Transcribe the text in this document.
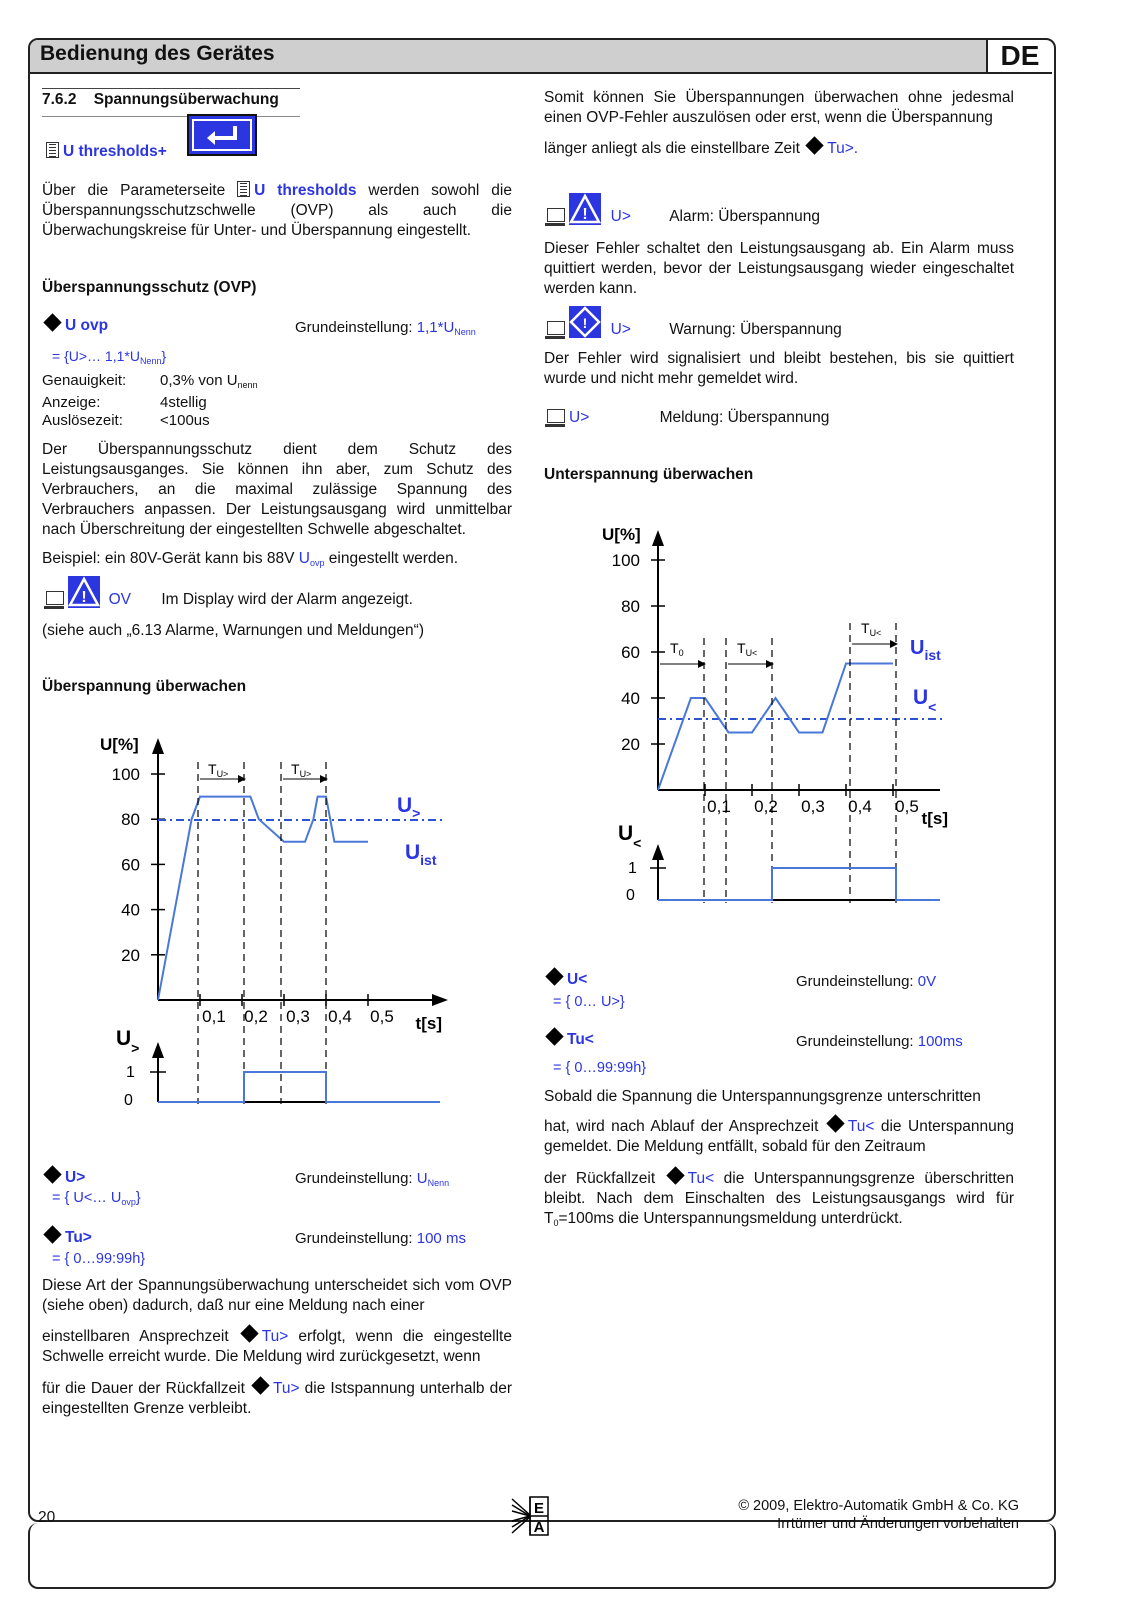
Bedienung des Gerätes	DE
7.6.2 Spannungsüberwachung
U thresholds+

Über die Parameterseite U thresholds werden sowohl die Überspannungsschutzschwelle (OVP) als auch die Überwachungskreise für Unter- und Überspannung eingestellt.

Überspannungsschutz (OVP)
U ovp	Grundeinstellung: $1,1*U_{Nenn}$
= {U>… $1,1*U_{Nenn}$}
Genauigkeit: 0,3% von $U_{nenn}$
Anzeige:	4stellig
Auslösezeit: <100us

Der Überspannungsschutz dient dem Schutz des Leistungsausganges. Sie können ihn aber, zum Schutz des Verbrauchers, an die maximal zulässige Spannung des Verbrauchers anpassen. Der Leistungsausgang wird unmittelbar nach Überschreitung der eingestellten Schwelle abgeschaltet.

Beispiel: ein 80V-Gerät kann bis 88V $U_{ovp}$ eingestellt werden.

! OV Im Display wird der Alarm angezeigt.
(siehe auch „6.13 Alarme, Warnungen und Meldungen“)
Überspannung überwachen
U[%]
100
80
60
40
20
0,1 0,2 0,3 0,4 0,5
$U_>$
$U_{ist}$
$T_{U>}$	$T_{U>}$
t[s]
$U_>$
1
0
U>	Grundeinstellung: $U_{Nenn}$
= { U<… $U_{ovp}$}
Tu>	Grundeinstellung: 100 ms
= { 0…99:99h}

Diese Art der Spannungsüberwachung unterscheidet sich vom OVP (siehe oben) dadurch, daß nur eine Meldung nach einer

einstellbaren Ansprechzeit Tu> erfolgt, wenn die eingestellte Schwelle erreicht wurde. Die Meldung wird zurückgesetzt, wenn

für die Dauer der Rückfallzeit Tu> die Istspannung unterhalb der eingestellten Grenze verbleibt.

Somit können Sie Überspannungen überwachen ohne jedesmal einen OVP-Fehler auszulösen oder erst, wenn die Überspannung

länger anliegt als die einstellbare Zeit Tu>.

! U> Alarm: Überspannung

Dieser Fehler schaltet den Leistungsausgang ab. Ein Alarm muss quittiert werden, bevor der Leistungsausgang wieder eingeschaltet werden kann.

! U> Warnung: Überspannung

Der Fehler wird signalisiert und bleibt bestehen, bis sie quittiert wurde und nicht mehr gemeldet wird.

U>	Meldung: Überspannung
Unterspannung überwachen
U[%]
100
80
60
40
20
0,1 0,2 0,3 0,4 0,5
$U_{ist}$
$U_<$
$T_0$	$T_{U<}$
$T_{U<}$
t[s]
$U_<$
1
0
U<	Grundeinstellung: 0V
= { 0… U>}
Tu<	Grundeinstellung: 100ms
= { 0…99:99h}

Sobald die Spannung die Unterspannungsgrenze unterschritten

hat, wird nach Ablauf der Ansprechzeit Tu< die Unterspannung gemeldet. Die Meldung entfällt, sobald für den Zeitraum

der Rückfallzeit Tu< die Unterspannungsgrenze überschritten bleibt. Nach dem Einschalten des Leistungsausgangs wird für $T_0=100ms$ die Unterspannungsmeldung unterdrückt.

20
E
A
© 2009, Elektro-Automatik GmbH & Co. KG
Irrtümer und Änderungen vorbehalten
